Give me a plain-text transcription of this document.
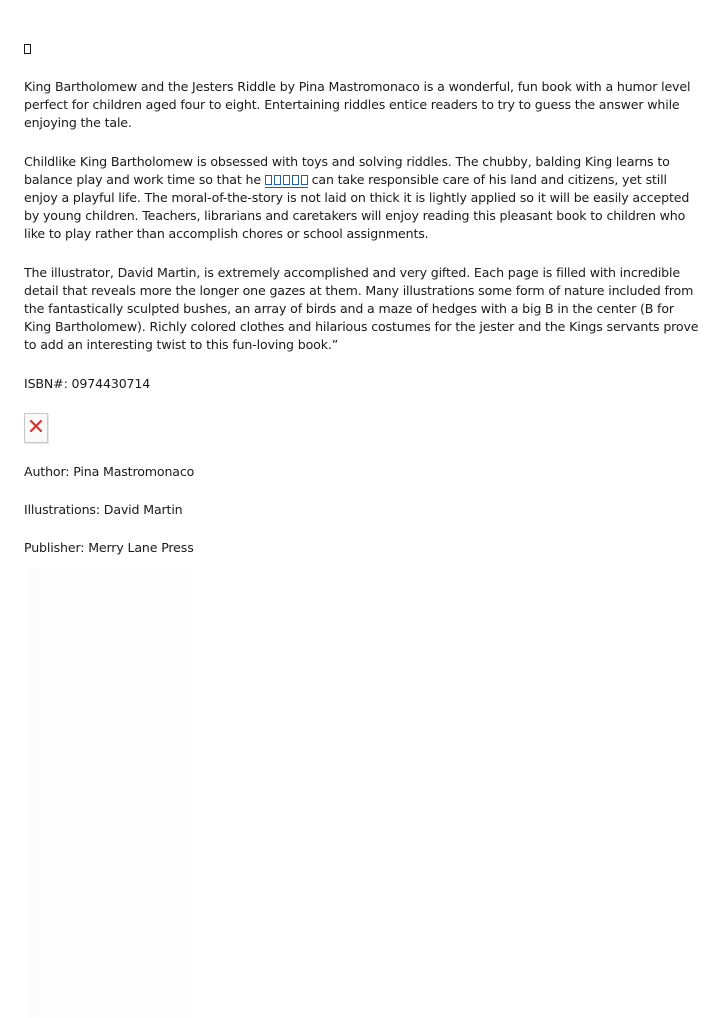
King Bartholomew and the Jesters Riddle by Pina Mastromonaco is a wonderful, fun book with a humor level perfect for children aged four to eight. Entertaining riddles entice readers to try to guess the answer while enjoying the tale.

Childlike King Bartholomew is obsessed with toys and solving riddles. The chubby, balding King learns to balance play and work time so that he	can take responsible care of his land and citizens, yet still enjoy a playful life. The moral-of-the-story is not laid on thick it is lightly applied so it will be easily accepted by young children. Teachers, librarians and caretakers will enjoy reading this pleasant book to children who like to play rather than accomplish chores or school assignments.

The illustrator, David Martin, is extremely accomplished and very gifted. Each page is filled with incredible detail that reveals more the longer one gazes at them. Many illustrations some form of nature included from the fantastically sculpted bushes, an array of birds and a maze of hedges with a big B in the center (B for King Bartholomew). Richly colored clothes and hilarious costumes for the jester and the Kings servants prove to add an interesting twist to this fun-loving book.”

ISBN#: 0974430714

Author: Pina Mastromonaco

Illustrations: David Martin

Publisher: Merry Lane Press
